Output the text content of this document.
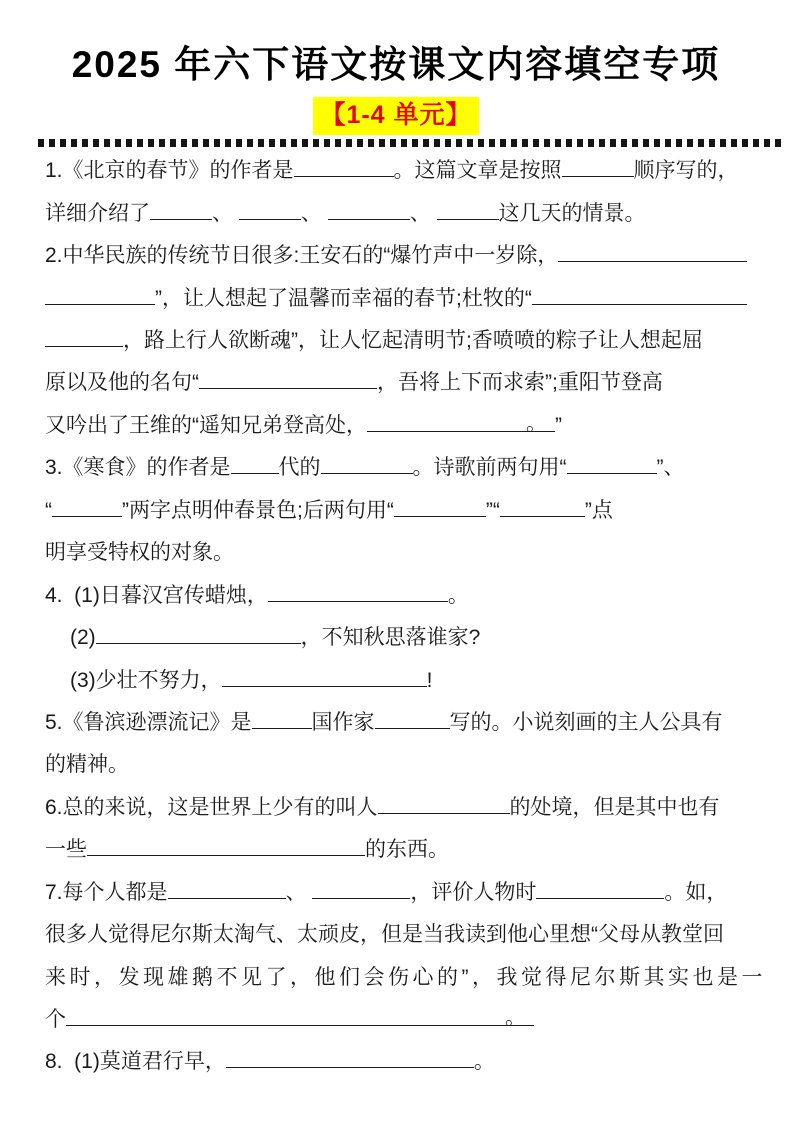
2025 年六下语文按课文内容填空专项
【1-4 单元】
1.《北京的春节》的作者是	。这篇文章是按照	顺序写的，
详细介绍了	、	、	、	这几天的情景。
2.中华民族的传统节日很多:王安石的“爆竹声中一岁除，
”，让人想起了温馨而幸福的春节;杜牧的“
，路上行人欲断魂”，让人忆起清明节;香喷喷的粽子让人想起屈
原以及他的名句“	，吾将上下而求索”;重阳节登高
又吟出了王维的“遥知兄弟登高处，	。 ”
3.《寒食》的作者是 代的	。诗歌前两句用“	”、
“	”两字点明仲春景色;后两句用“	”“	”点
明享受特权的对象。
4.  (1)日暮汉宫传蜡烛，	。
(2)	，不知秋思落谁家?
(3)少壮不努力，	!
5.《鲁滨逊漂流记》是	国作家	写的。小说刻画的主人公具有
的精神。
6.总的来说，这是世界上少有的叫人	的处境，但是其中也有
一些	的东西。
7.每个人都是	、	，评价人物时	。如，
很多人觉得尼尔斯太淘气、太顽皮，但是当我读到他心里想“父母从教堂回
来时，发现雄鹅不见了，他们会伤心的”，我觉得尼尔斯其实也是一
个	。
8.  (1)莫道君行早，	。
